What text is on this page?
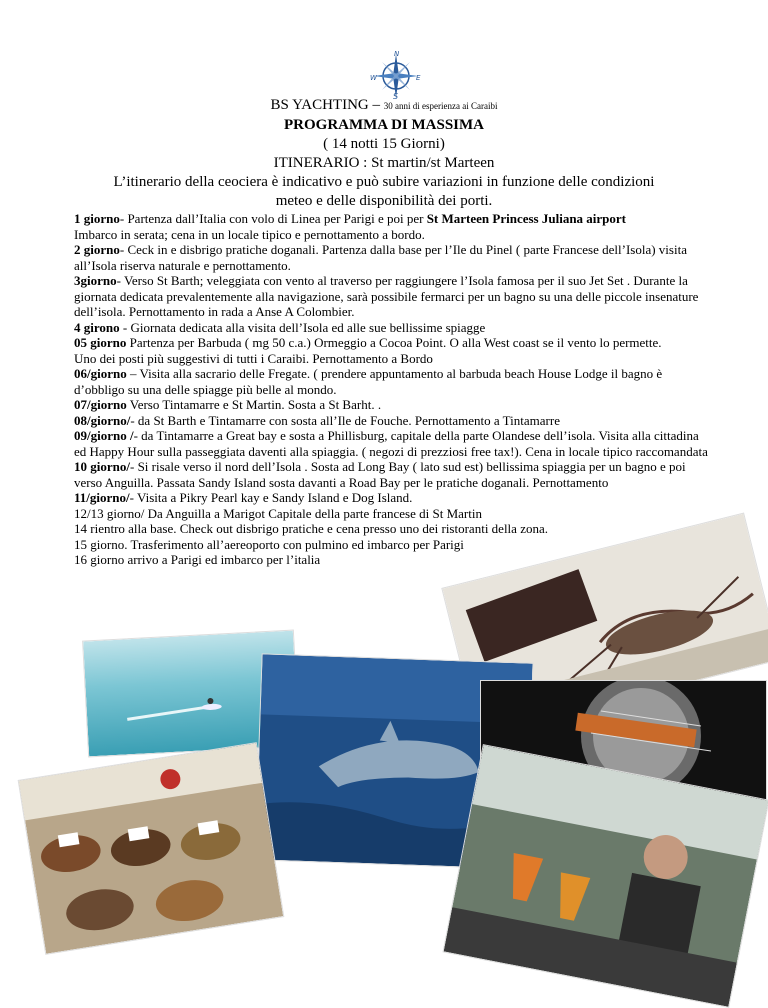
N
W	E
S
BS YACHTING – 30 anni di esperienza ai Caraibi
PROGRAMMA DI MASSIMA
( 14 notti 15 Giorni)
ITINERARIO : St martin/st Marteen
L’itinerario della ceociera è indicativo e può subire variazioni in funzione delle condizioni
meteo e delle disponibilità dei porti.

1 giorno- Partenza dall’Italia con volo di Linea per Parigi e poi per St Marteen Princess Juliana airport

Imbarco in serata; cena in un locale tipico e pernottamento a bordo.

2 giorno- Ceck in e disbrigo pratiche doganali. Partenza dalla base per l’Ile du Pinel ( parte Francese dell’Isola) visita all’Isola riserva naturale e pernottamento.

3giorno- Verso St Barth; veleggiata con vento al traverso per raggiungere l’Isola famosa per il suo Jet Set . Durante la giornata dedicata prevalentemente alla navigazione, sarà possibile fermarci per un bagno su una delle piccole insenature dell’isola. Pernottamento in rada a Anse A Colombier.

4 girono - Giornata dedicata alla visita dell’Isola ed alle sue bellissime spiagge

05 giorno Partenza per Barbuda ( mg 50 c.a.) Ormeggio a Cocoa Point. O alla West coast se il vento lo permette.

Uno dei posti più suggestivi di tutti i Caraibi. Pernottamento a Bordo

06/giorno – Visita alla sacrario delle Fregate. ( prendere appuntamento al barbuda beach House Lodge il bagno è d’obbligo su una delle spiagge più belle al mondo.

07/giorno Verso Tintamarre e St Martin. Sosta a St Barht. .

08/giorno/- da St Barth e Tintamarre con sosta all’Ile de Fouche. Pernottamento a Tintamarre

09/giorno /- da Tintamarre a Great bay e sosta a Phillisburg, capitale della parte Olandese dell’isola. Visita alla cittadina ed Happy Hour sulla passeggiata daventi alla spiaggia. ( negozi di prezziosi free tax!). Cena in locale tipico raccomandata

10 giorno/- Si risale verso il nord dell’Isola . Sosta ad Long Bay ( lato sud est) bellissima spiaggia per un bagno e poi verso Anguilla. Passata Sandy Island sosta davanti a Road Bay per le pratiche doganali. Pernottamento

11/giorno/- Visita a Pikry Pearl kay e Sandy Island e Dog Island.

12/13 giorno/ Da Anguilla a Marigot Capitale della parte francese di St Martin

14 rientro alla base. Check out disbrigo pratiche e cena presso uno dei ristoranti della zona.

15 giorno. Trasferimento all’aereoporto con pulmino ed imbarco per Parigi

16 giorno arrivo a Parigi ed imbarco per l’italia
